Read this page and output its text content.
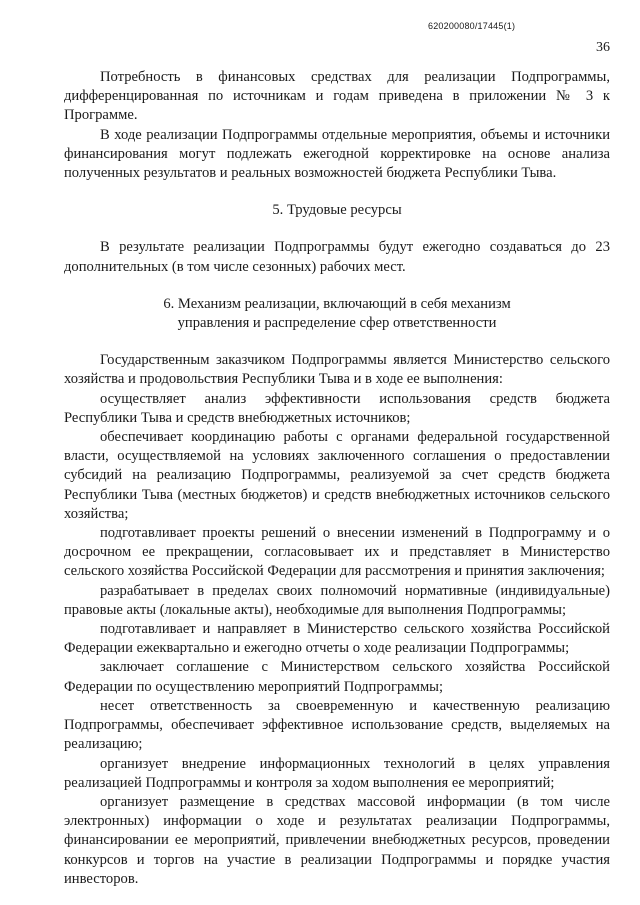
620200080/17445(1)
36

Потребность в финансовых средствах для реализации Подпрограммы, дифференцированная по источникам и годам приведена в приложении № 3 к Программе.

В ходе реализации Подпрограммы отдельные мероприятия, объемы и источники финансирования могут подлежать ежегодной корректировке на основе анализа полученных результатов и реальных возможностей бюджета Республики Тыва.

5. Трудовые ресурсы

В результате реализации Подпрограммы будут ежегодно создаваться до 23 дополнительных (в том числе сезонных) рабочих мест.

6. Механизм реализации, включающий в себя механизм
управления и распределение сфер ответственности

Государственным заказчиком Подпрограммы является Министерство сельского хозяйства и продовольствия Республики Тыва и в ходе ее выполнения:

осуществляет анализ эффективности использования средств бюджета Республики Тыва и средств внебюджетных источников;

обеспечивает координацию работы с органами федеральной государственной власти, осуществляемой на условиях заключенного соглашения о предоставлении субсидий на реализацию Подпрограммы, реализуемой за счет средств бюджета Республики Тыва (местных бюджетов) и средств внебюджетных источников сельского хозяйства;

подготавливает проекты решений о внесении изменений в Подпрограмму и о досрочном ее прекращении, согласовывает их и представляет в Министерство сельского хозяйства Российской Федерации для рассмотрения и принятия заключения;

разрабатывает в пределах своих полномочий нормативные (индивидуальные) правовые акты (локальные акты), необходимые для выполнения Подпрограммы;

подготавливает и направляет в Министерство сельского хозяйства Российской Федерации ежеквартально и ежегодно отчеты о ходе реализации Подпрограммы;

заключает соглашение с Министерством сельского хозяйства Российской Федерации по осуществлению мероприятий Подпрограммы;

несет ответственность за своевременную и качественную реализацию Подпрограммы, обеспечивает эффективное использование средств, выделяемых на реализацию;

организует внедрение информационных технологий в целях управления реализацией Подпрограммы и контроля за ходом выполнения ее мероприятий;

организует размещение в средствах массовой информации (в том числе электронных) информации о ходе и результатах реализации Подпрограммы, финансировании ее мероприятий, привлечении внебюджетных ресурсов, проведении конкурсов и торгов на участие в реализации Подпрограммы и порядке участия инвесторов.
